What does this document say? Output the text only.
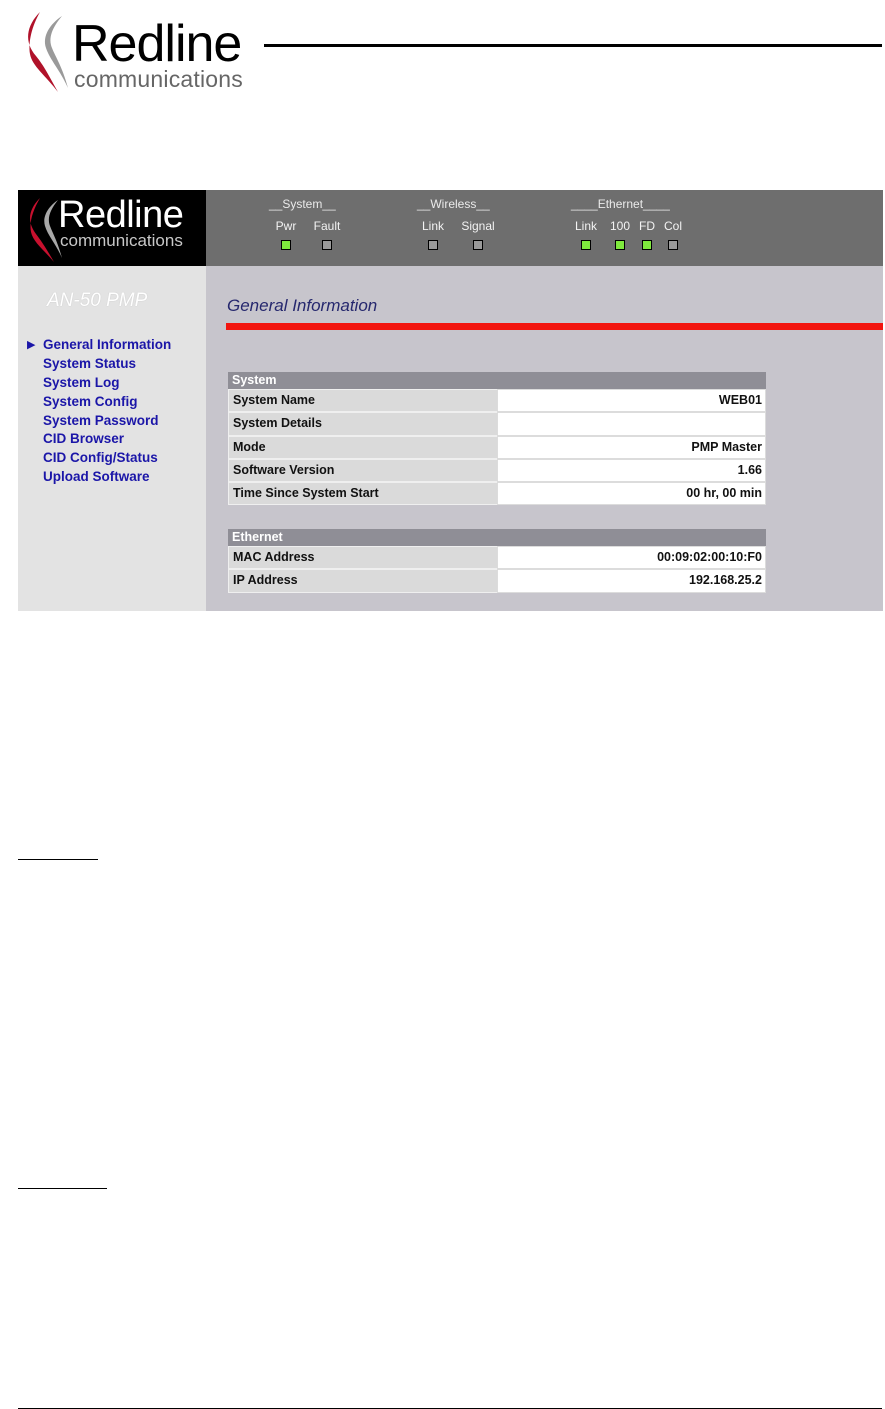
Redline
communications
Redline
communications
__System__	__Wireless__	____Ethernet____
Pwr Fault	Link Signal	Link 100 FD Col
AN-50 PMP
▶ General Information
System Status
System Log
System Config
System Password
CID Browser
CID Config/Status
Upload Software
General Information
System
System Name	WEB01
System Details
Mode	PMP Master
Software Version	1.66
Time Since System Start	00 hr, 00 min
Ethernet
MAC Address	00:09:02:00:10:F0
IP Address	192.168.25.2
